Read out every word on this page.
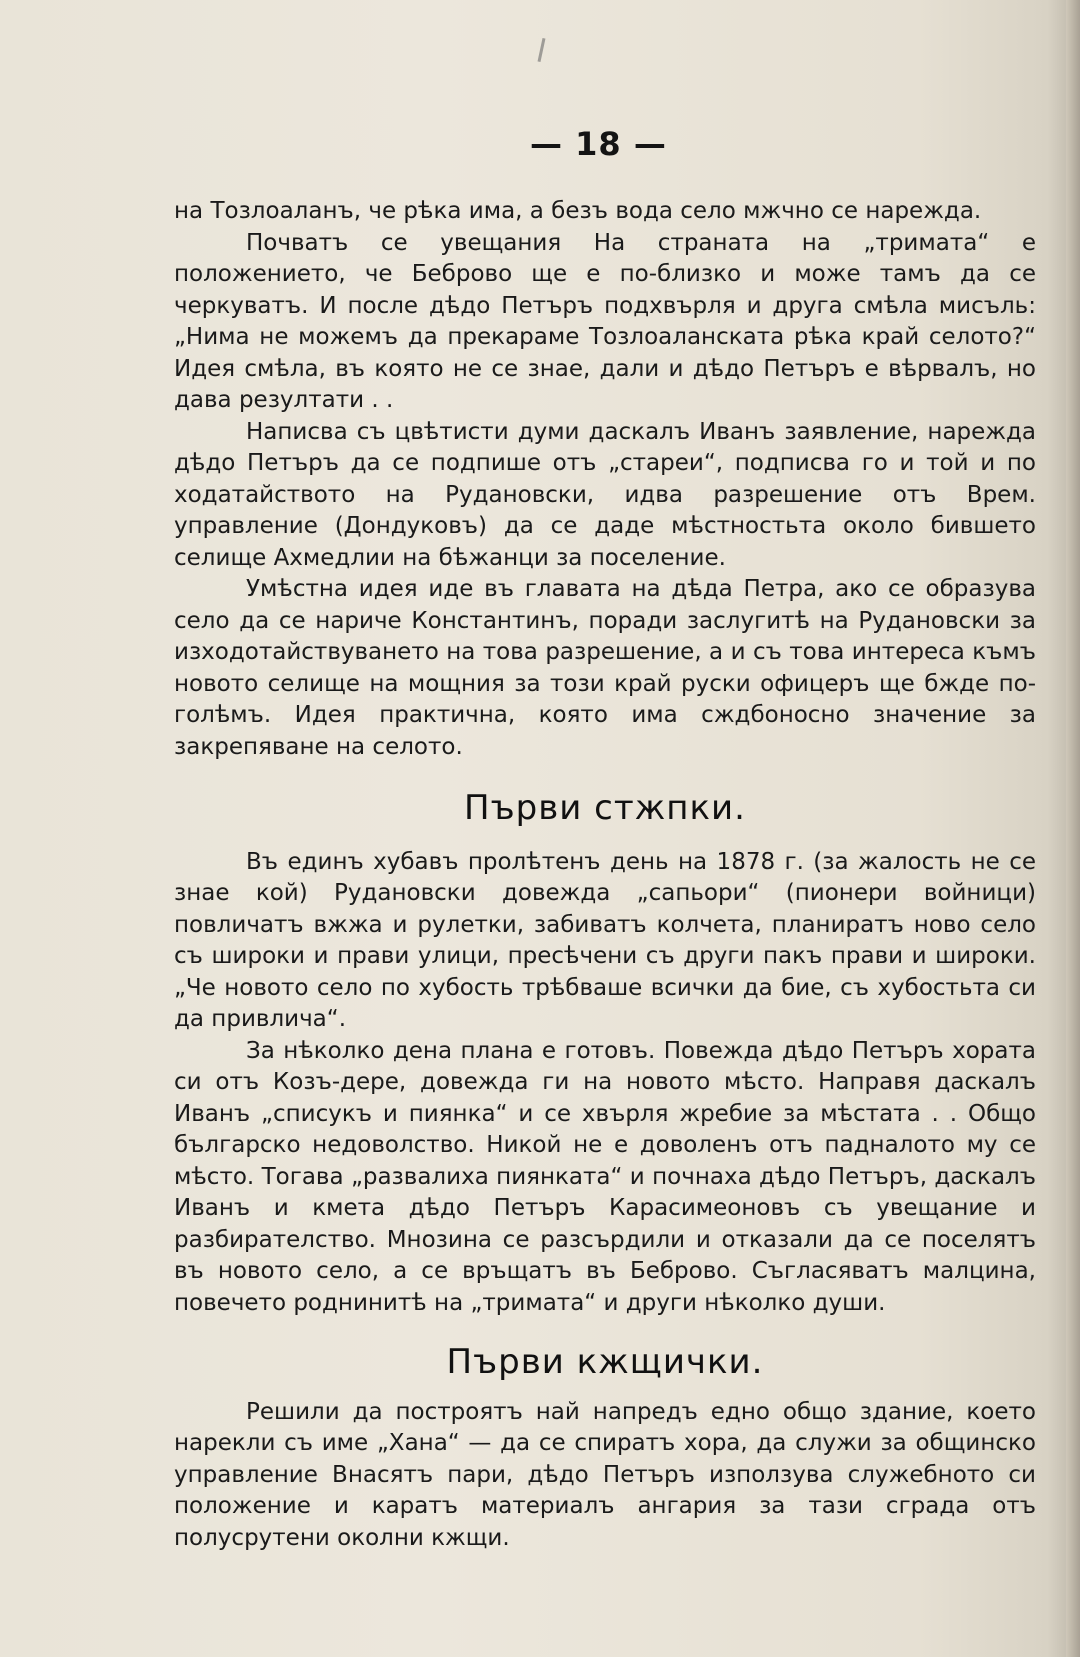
— 18 —

на Тозлоаланъ, че рѣка има, а безъ вода село мжчно се нарежда.

Почватъ се увещания На страната на „тримата“ е положението, че Беброво ще е по-близко и може тамъ да се черкуватъ. И после дѣдо Петъръ подхвърля и друга смѣла мисъль: „Нима не можемъ да прекараме Тозлоаланската рѣка край селото?“ Идея смѣла, въ която не се знае, дали и дѣдо Петъръ е вѣрвалъ, но дава резултати . .

Написва съ цвѣтисти думи даскалъ Иванъ заявление, нарежда дѣдо Петъръ да се подпише отъ „стареи“, подписва го и той и по ходатайството на Рудановски, идва разрешение отъ Врем. управление (Дондуковъ) да се даде мѣстностьта около бившето селище Ахмедлии на бѣжанци за поселение.

Умѣстна идея иде въ главата на дѣда Петра, ако се образува село да се нариче Константинъ, поради заслугитѣ на Рудановски за изходотайствуването на това разрешение, а и съ това интереса къмъ новото селище на мощния за този край руски офицеръ ще бжде по-голѣмъ. Идея практична, която има сждбоносно значение за закрепяване на селото.

Първи стжпки.

Въ единъ хубавъ пролѣтенъ день на 1878 г. (за жалость не се знае кой) Рудановски довежда „сапьори“ (пионери войници) повличатъ вжжа и рулетки, забиватъ колчета, планиратъ ново село съ широки и прави улици, пресѣчени съ други пакъ прави и широки. „Че новото село по хубость трѣбваше всички да бие, съ хубостьта си да привлича“.

За нѣколко дена плана е готовъ. Повежда дѣдо Петъръ хората си отъ Козъ-дере, довежда ги на новото мѣсто. Направя даскалъ Иванъ „списукъ и пиянка“ и се хвърля жребие за мѣстата . . Общо българско недоволство. Никой не е доволенъ отъ падналото му се мѣсто. Тогава „развалиха пиянката“ и почнаха дѣдо Петъръ, даскалъ Иванъ и кмета дѣдо Петъръ Карасимеоновъ съ увещание и разбирателство. Мнозина се разсърдили и отказали да се поселятъ въ новото село, а се връщатъ въ Беброво. Съгласяватъ малцина, повечето роднинитѣ на „тримата“ и други нѣколко души.

Първи кжщички.

Решили да построятъ най напредъ едно общо здание, което нарекли съ име „Хана“ — да се спиратъ хора, да служи за общинско управление Внасятъ пари, дѣдо Петъръ използува служебното си положение и каратъ материалъ ангария за тази сграда отъ полусрутени околни кжщи.
